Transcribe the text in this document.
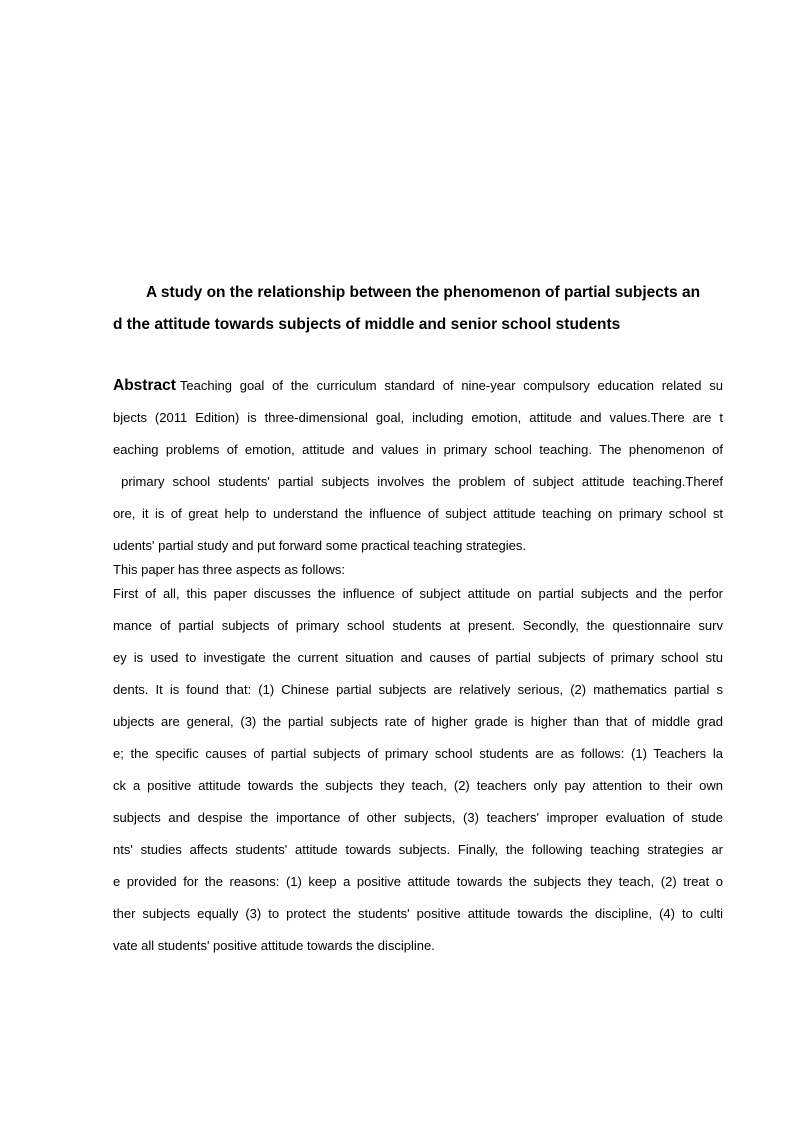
A study on the relationship between the phenomenon of partial subjects an
d the attitude towards subjects of middle and senior school students
Abstract Teaching goal of the curriculum standard of nine-year compulsory education related su
bjects (2011 Edition) is three-dimensional goal, including emotion, attitude and values.There are t
eaching problems of emotion, attitude and values in primary school teaching. The phenomenon of
primary school students' partial subjects involves the problem of subject attitude teaching.Theref
ore, it is of great help to understand the influence of subject attitude teaching on primary school st
udents' partial study and put forward some practical teaching strategies.
This paper has three aspects as follows:
First of all, this paper discusses the influence of subject attitude on partial subjects and the perfor
mance of partial subjects of primary school students at present. Secondly, the questionnaire surv
ey is used to investigate the current situation and causes of partial subjects of primary school stu
dents. It is found that: (1) Chinese partial subjects are relatively serious, (2) mathematics partial s
ubjects are general, (3) the partial subjects rate of higher grade is higher than that of middle grad
e; the specific causes of partial subjects of primary school students are as follows: (1) Teachers la
ck a positive attitude towards the subjects they teach, (2) teachers only pay attention to their own
subjects and despise the importance of other subjects, (3) teachers' improper evaluation of stude
nts' studies affects students' attitude towards subjects. Finally, the following teaching strategies ar
e provided for the reasons: (1) keep a positive attitude towards the subjects they teach, (2) treat o
ther subjects equally (3) to protect the students' positive attitude towards the discipline, (4) to culti
vate all students' positive attitude towards the discipline.
